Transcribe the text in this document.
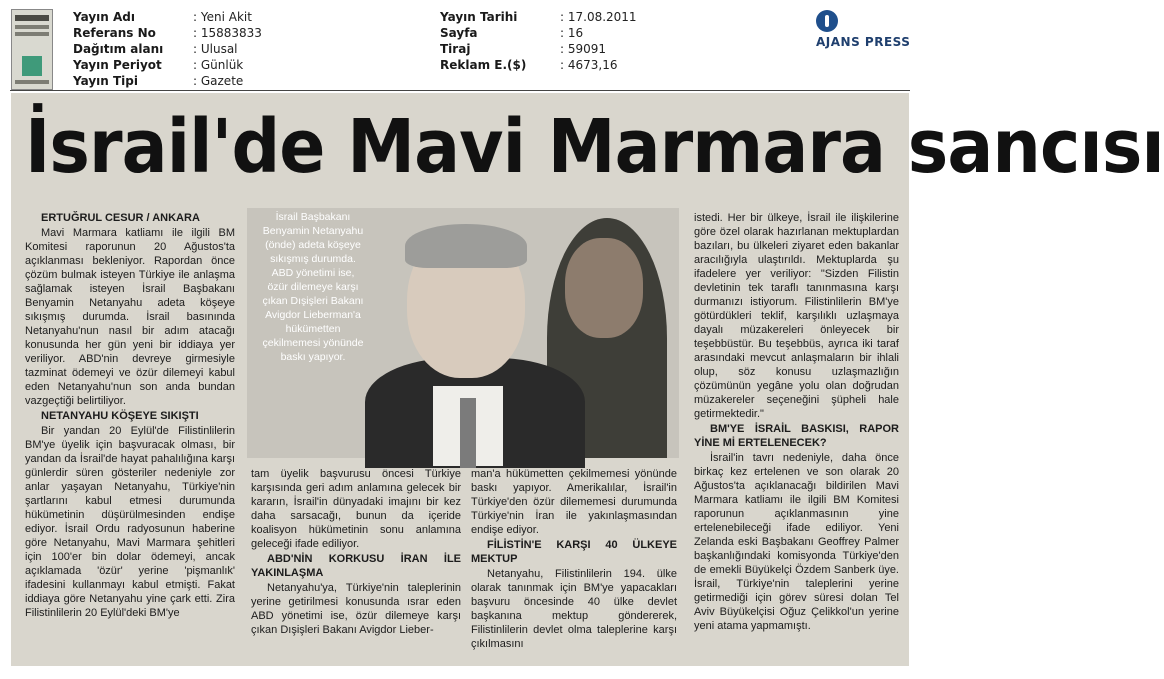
Yayın Adı	: Yeni Akit
Referans No	: 15883833
Dağıtım alanı : Ulusal
Yayın Periyot	: Günlük
Yayın Tipi	: Gazete
Yayın Tarihi	: 17.08.2011
Sayfa	: 16
Tiraj	: 59091
Reklam E.($)	: 4673,16
AJANS PRESS
İsrail'de Mavi Marmara sancısı

ERTUĞRUL CESUR / ANKARA

Mavi Marmara katliamı ile ilgili BM Komitesi raporunun 20 Ağustos'ta açıklanması bekleniyor. Rapordan önce çözüm bulmak isteyen Türkiye ile anlaşma sağlamak isteyen İsrail Başbakanı Benyamin Netanyahu adeta köşeye sıkışmış durumda. İsrail basınında Netanyahu'nun nasıl bir adım atacağı konusunda her gün yeni bir iddiaya yer veriliyor. ABD'nin devreye girmesiyle tazminat ödemeyi ve özür dilemeyi kabul eden Netanyahu'nun son anda bundan vazgeçtiği belirtiliyor.

NETANYAHU KÖŞEYE SIKIŞTI

Bir yandan 20 Eylül'de Filistinlilerin BM'ye üyelik için başvuracak olması, bir yandan da İsrail'de hayat pahalılığına karşı günlerdir süren gösteriler nedeniyle zor anlar yaşayan Netanyahu, Türkiye'nin şartlarını kabul etmesi durumunda hükümetinin düşürülmesinden endişe ediyor. İsrail Ordu radyosunun haberine göre Netanyahu, Mavi Marmara şehitleri için 100'er bin dolar ödemeyi, ancak açıklamada 'özür' yerine 'pişmanlık' ifadesini kullanmayı kabul etmişti. Fakat iddiaya göre Netanyahu yine çark etti. Zira Filistinlilerin 20 Eylül'deki BM'ye

İsrail Başbakanı Benyamin Netanyahu (önde) adeta köşeye sıkışmış durumda. ABD yönetimi ise, özür dilemeye karşı çıkan Dışişleri Bakanı Avigdor Lieberman'a hükümetten çekilmemesi yönünde baskı yapıyor.

tam üyelik başvurusu öncesi Türkiye karşısında geri adım anlamına gelecek bir kararın, İsrail'in dünyadaki imajını bir kez daha sarsacağı, bunun da içeride koalisyon hükümetinin sonu anlamına geleceği ifade ediliyor.

ABD'NİN KORKUSU İRAN İLE YAKINLAŞMA

Netanyahu'ya, Türkiye'nin taleplerinin yerine getirilmesi konusunda ısrar eden ABD yönetimi ise, özür dilemeye karşı çıkan Dışişleri Bakanı Avigdor Lieber-

man'a hükümetten çekilmemesi yönünde baskı yapıyor. Amerikalılar, İsrail'in Türkiye'den özür dilememesi durumunda Türkiye'nin İran ile yakınlaşmasından endişe ediyor.

FİLİSTİN'E KARŞI 40 ÜLKEYE MEKTUP

Netanyahu, Filistinlilerin 194. ülke olarak tanınmak için BM'ye yapacakları başvuru öncesinde 40 ülke devlet başkanına mektup göndererek, Filistinlilerin devlet olma taleplerine karşı çıkılmasını

istedi. Her bir ülkeye, İsrail ile ilişkilerine göre özel olarak hazırlanan mektuplardan bazıları, bu ülkeleri ziyaret eden bakanlar aracılığıyla ulaştırıldı. Mektuplarda şu ifadelere yer veriliyor: "Sizden Filistin devletinin tek taraflı tanınmasına karşı durmanızı istiyorum. Filistinlilerin BM'ye götürdükleri teklif, karşılıklı uzlaşmaya dayalı müzakereleri önleyecek bir teşebbüstür. Bu teşebbüs, ayrıca iki taraf arasındaki mevcut anlaşmaların bir ihlali olup, söz konusu uzlaşmazlığın çözümünün yegâne yolu olan doğrudan müzakereler seçeneğini şüpheli hale getirmektedir."

BM'YE İSRAİL BASKISI, RAPOR YİNE Mİ ERTELENECEK?

İsrail'in tavrı nedeniyle, daha önce birkaç kez ertelenen ve son olarak 20 Ağustos'ta açıklanacağı bildirilen Mavi Marmara katliamı ile ilgili BM Komitesi raporunun açıklanmasının yine ertelenebileceği ifade ediliyor. Yeni Zelanda eski Başbakanı Geoffrey Palmer başkanlığındaki komisyonda Türkiye'den de emekli Büyükelçi Özdem Sanberk üye. İsrail, Türkiye'nin taleplerini yerine getirmediği için görev süresi dolan Tel Aviv Büyükelçisi Oğuz Çelikkol'un yerine yeni atama yapmamıştı.
